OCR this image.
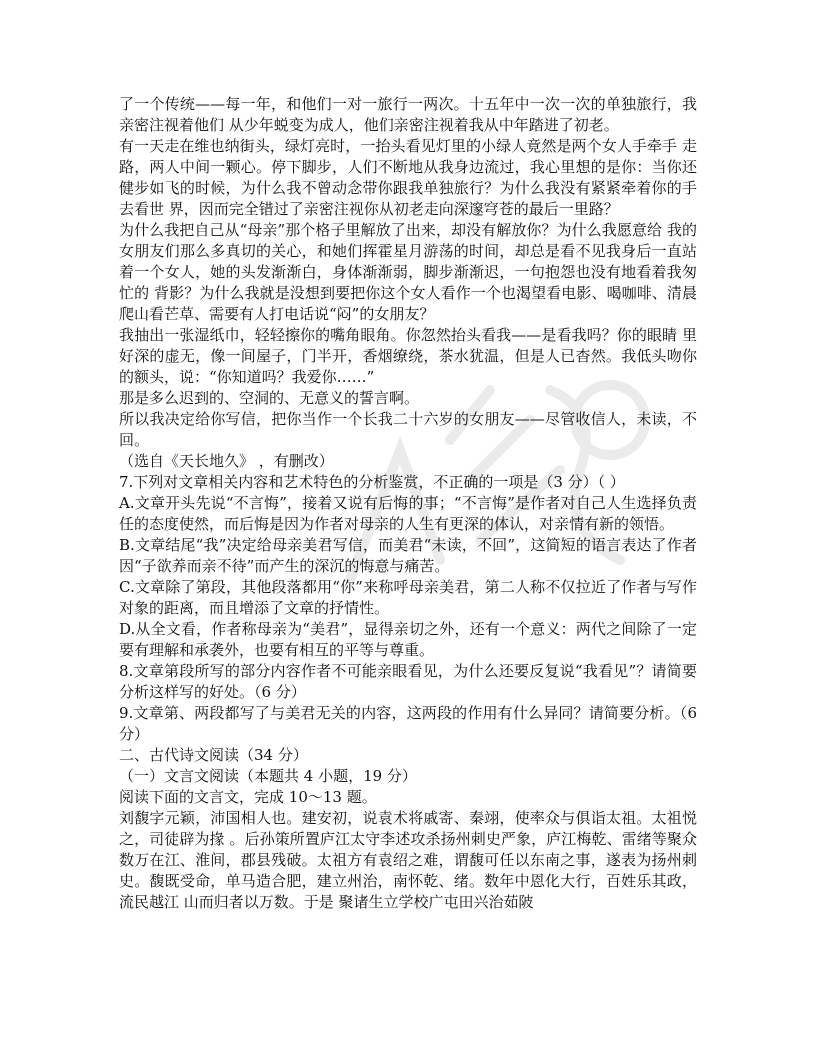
了一个传统——每一年，和他们一对一旅行一两次。十五年中一次一次的单独旅行，我亲密注视着他们 从少年蜕变为成人，他们亲密注视着我从中年踏进了初老。

有一天走在维也纳街头，绿灯亮时，一抬头看见灯里的小绿人竟然是两个女人手牵手 走路，两人中间一颗心。停下脚步，人们不断地从我身边流过，我心里想的是你：当你还健步如飞的时候，为什么我不曾动念带你跟我单独旅行？为什么我没有紧紧牵着你的手去看世 界，因而完全错过了亲密注视你从初老走向深邃穹苍的最后一里路？

为什么我把自己从“母亲”那个格子里解放了出来，却没有解放你？为什么我愿意给 我的女朋友们那么多真切的关心，和她们挥霍星月游荡的时间，却总是看不见我身后一直站着一个女人，她的头发渐渐白，身体渐渐弱，脚步渐渐迟，一句抱怨也没有地看着我匆忙的 背影？为什么我就是没想到要把你这个女人看作一个也渴望看电影、喝咖啡、清晨爬山看芒草、需要有人打电话说“闷”的女朋友？

我抽出一张湿纸巾，轻轻擦你的嘴角眼角。你忽然抬头看我——是看我吗？你的眼睛 里好深的虚无，像一间屋子，门半开，香烟缭绕，茶水犹温，但是人已杳然。我低头吻你的额头，说：“你知道吗？我爱你……”

那是多么迟到的、空洞的、无意义的誓言啊。

所以我决定给你写信，把你当作一个长我二十六岁的女朋友——尽管收信人，未读，不回。

（选自《天长地久》 ，有删改）

7.下列对文章相关内容和艺术特色的分析鉴赏，不正确的一项是（3 分）（ ）

A.文章开头先说“不言悔”，接着又说有后悔的事；“不言悔”是作者对自己人生选择负责任的态度使然，而后悔是因为作者对母亲的人生有更深的体认，对亲情有新的领悟。

B.文章结尾“我”决定给母亲美君写信，而美君“未读，不回”，这简短的语言表达了作者因“子欲养而亲不待”而产生的深沉的悔意与痛苦。

C.文章除了第段，其他段落都用“你”来称呼母亲美君，第二人称不仅拉近了作者与写作对象的距离，而且增添了文章的抒情性。

D.从全文看，作者称母亲为“美君”，显得亲切之外，还有一个意义：两代之间除了一定要有理解和承袭外，也要有相互的平等与尊重。

8.文章第段所写的部分内容作者不可能亲眼看见，为什么还要反复说“我看见”？请简要分析这样写的好处。（6 分）

9.文章第、两段都写了与美君无关的内容，这两段的作用有什么异同？请简要分析。（6 分）

二、古代诗文阅读（34 分）

（一）文言文阅读（本题共 4 小题，19 分）

阅读下面的文言文，完成 10～13 题。

刘馥字元颖，沛国相人也。建安初，说袁术将戚寄、秦翊，使率众与俱诣太祖。太祖悦之，司徒辟为掾 。后孙策所置庐江太守李述攻杀扬州刺史严象，庐江梅乾、雷绪等聚众数万在江、淮间，郡县残破。太祖方有袁绍之难，谓馥可任以东南之事，遂表为扬州刺史。馥既受命，单马造合肥，建立州治，南怀乾、绪。数年中恩化大行，百姓乐其政，流民越江 山而归者以万数。于是 聚诸生立学校广屯田兴治茹陂
